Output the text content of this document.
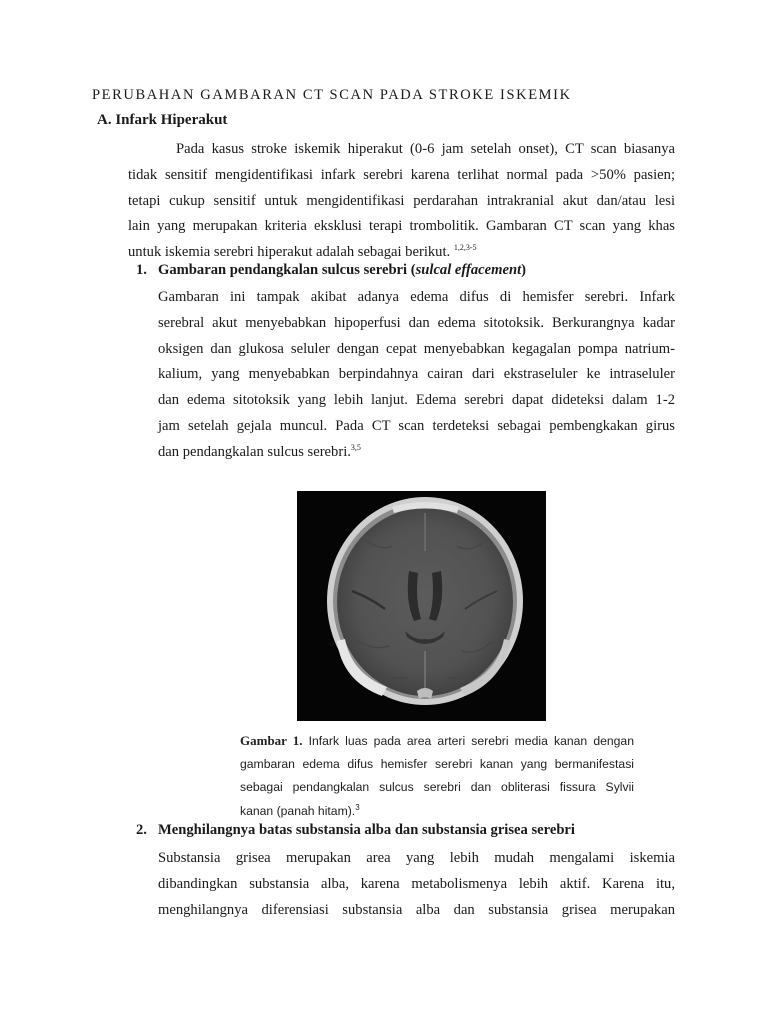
PERUBAHAN GAMBARAN CT SCAN PADA STROKE ISKEMIK
A. Infark Hiperakut
Pada kasus stroke iskemik hiperakut (0-6 jam setelah onset), CT scan biasanya
tidak sensitif mengidentifikasi infark serebri karena terlihat normal pada >50% pasien;
tetapi cukup sensitif untuk mengidentifikasi perdarahan intrakranial akut dan/atau lesi
lain yang merupakan kriteria eksklusi terapi trombolitik. Gambaran CT scan yang khas
untuk iskemia serebri hiperakut adalah sebagai berikut. $^{1,2,3-5}$
1. Gambaran pendangkalan sulcus serebri (sulcal effacement)
Gambaran ini tampak akibat adanya edema difus di hemisfer serebri. Infark
serebral akut menyebabkan hipoperfusi dan edema sitotoksik. Berkurangnya kadar
oksigen dan glukosa seluler dengan cepat menyebabkan kegagalan pompa natrium-
kalium, yang menyebabkan berpindahnya cairan dari ekstraseluler ke intraseluler
dan edema sitotoksik yang lebih lanjut. Edema serebri dapat dideteksi dalam 1-2
jam setelah gejala muncul. Pada CT scan terdeteksi sebagai pembengkakan girus
dan pendangkalan sulcus serebri.$^{3,5}$
Gambar 1. Infark luas pada area arteri serebri media kanan dengan
gambaran edema difus hemisfer serebri kanan yang bermanifestasi
sebagai pendangkalan sulcus serebri dan obliterasi fissura Sylvii
kanan (panah hitam).$^3$
2. Menghilangnya batas substansia alba dan substansia grisea serebri
Substansia grisea merupakan area yang lebih mudah mengalami iskemia
dibandingkan substansia alba, karena metabolismenya lebih aktif. Karena itu,
menghilangnya diferensiasi substansia alba dan substansia grisea merupakan
